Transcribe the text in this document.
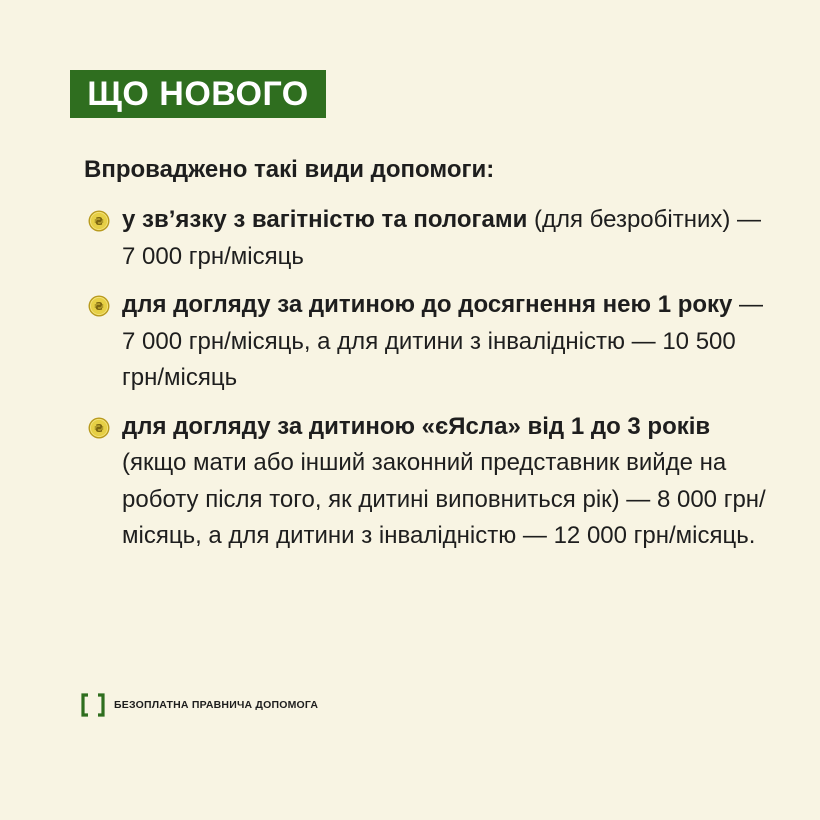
ЩО НОВОГО

Впроваджено такі види допомоги:

₴ у зв’язку з вагітністю та пологами (для безробітних) — 7 000 грн/місяць
₴ для догляду за дитиною до досягнення нею 1 року — 7 000 грн/місяць, а для дитини з інвалідністю — 10 500 грн/місяць
₴ для догляду за дитиною «єЯсла» від 1 до 3 років (якщо мати або інший законний представник вийде на роботу після того, як дитині виповниться рік) — 8 000 грн/місяць, а для дитини з інвалідністю — 12 000 грн/місяць.
БЕЗОПЛАТНА ПРАВНИЧА ДОПОМОГА
